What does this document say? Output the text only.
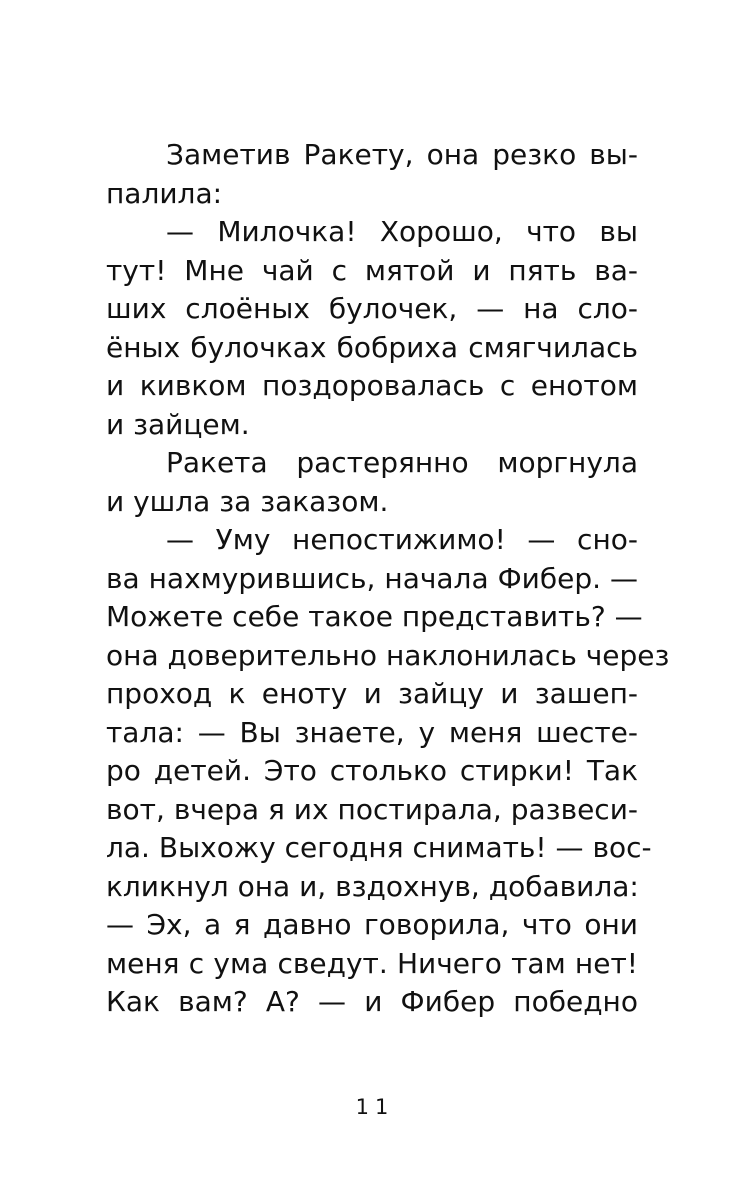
Заметив Ракету, она резко вы-
палила:
— Милочка! Хорошо, что вы
тут! Мне чай с мятой и пять ва-
ших слоёных булочек, — на сло-
ёных булочках бобриха смягчилась
и кивком поздоровалась с енотом
и зайцем.
Ракета растерянно моргнула
и ушла за заказом.
— Уму непостижимо! — сно-
ва нахмурившись, начала Фибер. —
Можете себе такое представить? —
она доверительно наклонилась через
проход к еноту и зайцу и зашеп-
тала: — Вы знаете, у меня шесте-
ро детей. Это столько стирки! Так
вот, вчера я их постирала, развеси-
ла. Выхожу сегодня снимать! — вос-
кликнул она и, вздохнув, добавила:
— Эх, а я давно говорила, что они
меня с ума сведут. Ничего там нет!
Как вам? А? — и Фибер победно
11
